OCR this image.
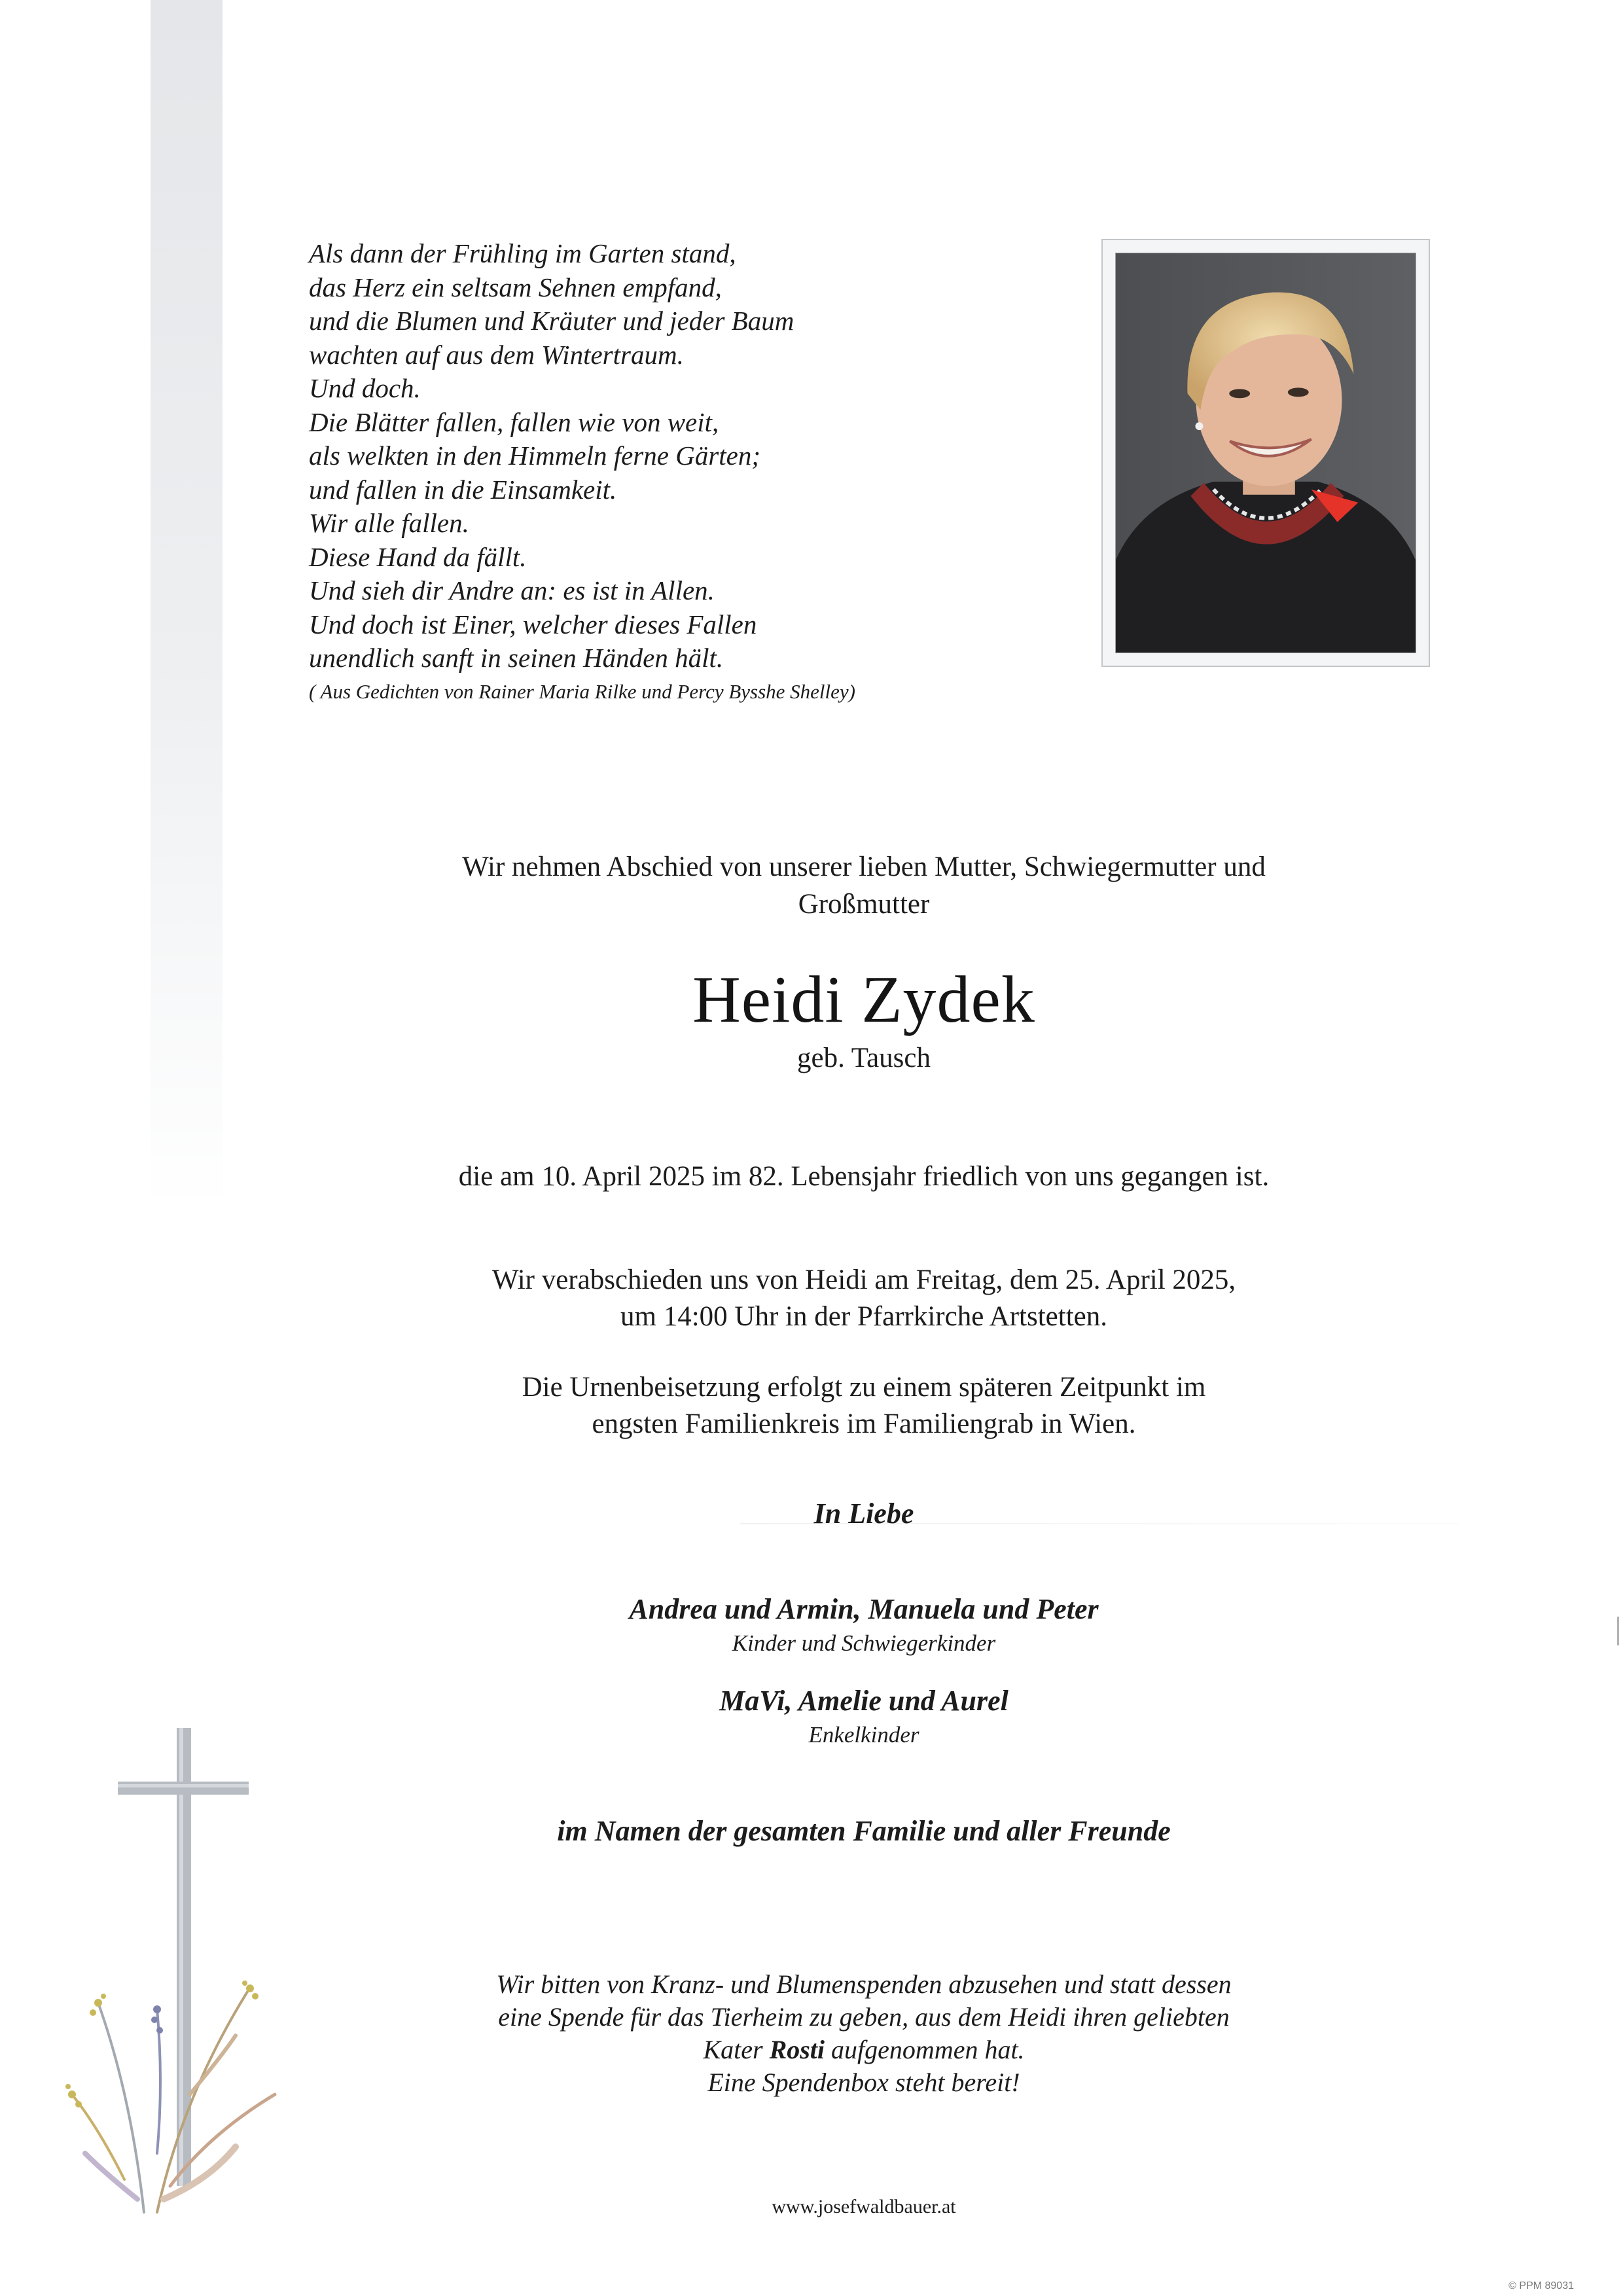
Als dann der Frühling im Garten stand,
das Herz ein seltsam Sehnen empfand,
und die Blumen und Kräuter und jeder Baum
wachten auf aus dem Wintertraum.
Und doch.
Die Blätter fallen, fallen wie von weit,
als welkten in den Himmeln ferne Gärten;
und fallen in die Einsamkeit.
Wir alle fallen.
Diese Hand da fällt.
Und sieh dir Andre an: es ist in Allen.
Und doch ist Einer, welcher dieses Fallen
unendlich sanft in seinen Händen hält.
( Aus Gedichten von Rainer Maria Rilke und Percy Bysshe Shelley)
Wir nehmen Abschied von unserer lieben Mutter, Schwiegermutter und
Großmutter
Heidi Zydek
geb. Tausch
die am 10. April 2025 im 82. Lebensjahr friedlich von uns gegangen ist.
Wir verabschieden uns von Heidi am Freitag, dem 25. April 2025,
um 14:00 Uhr in der Pfarrkirche Artstetten.
Die Urnenbeisetzung erfolgt zu einem späteren Zeitpunkt im
engsten Familienkreis im Familiengrab in Wien.
In Liebe
Andrea und Armin, Manuela und Peter
Kinder und Schwiegerkinder
MaVi, Amelie und Aurel
Enkelkinder
im Namen der gesamten Familie und aller Freunde
Wir bitten von Kranz- und Blumenspenden abzusehen und statt dessen
eine Spende für das Tierheim zu geben, aus dem Heidi ihren geliebten
Kater Rosti aufgenommen hat.
Eine Spendenbox steht bereit!
www.josefwaldbauer.at
© PPM 89031
